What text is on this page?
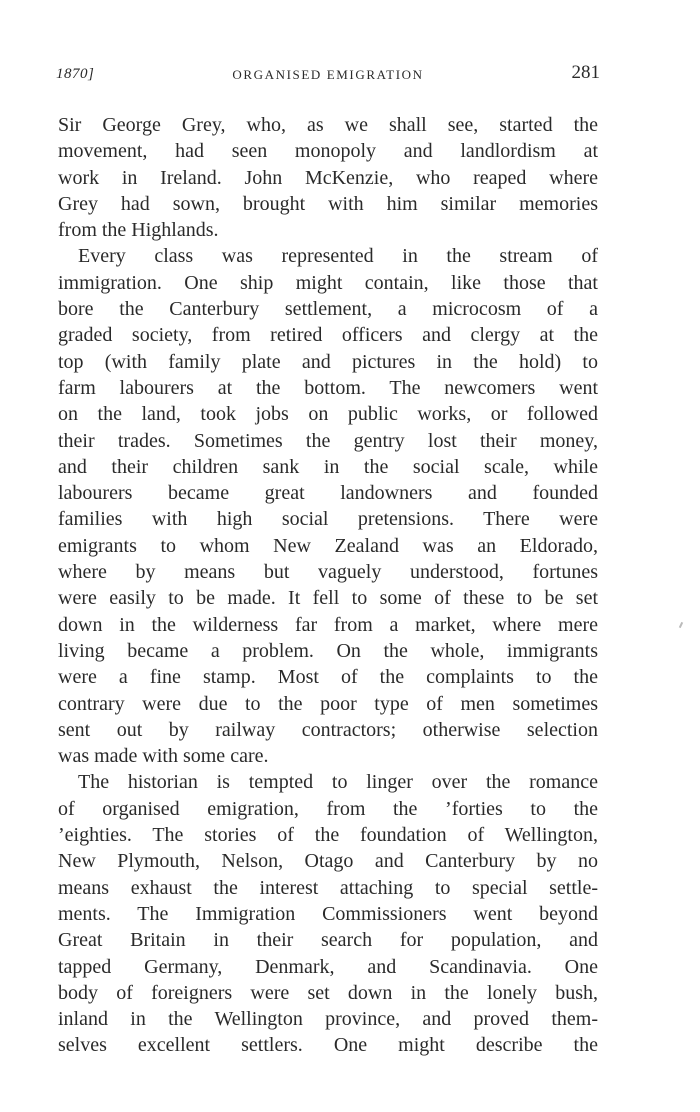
1870]	ORGANISED EMIGRATION	281
Sir George Grey, who, as we shall see, started the
movement, had seen monopoly and landlordism at
work in Ireland. John McKenzie, who reaped where
Grey had sown, brought with him similar memories
from the Highlands.
Every class was represented in the stream of
immigration. One ship might contain, like those that
bore the Canterbury settlement, a microcosm of a
graded society, from retired officers and clergy at the
top (with family plate and pictures in the hold) to
farm labourers at the bottom. The newcomers went
on the land, took jobs on public works, or followed
their trades. Sometimes the gentry lost their money,
and their children sank in the social scale, while
labourers became great landowners and founded
families with high social pretensions. There were
emigrants to whom New Zealand was an Eldorado,
where by means but vaguely understood, fortunes
were easily to be made. It fell to some of these to be set
down in the wilderness far from a market, where mere
living became a problem. On the whole, immigrants
were a fine stamp. Most of the complaints to the
contrary were due to the poor type of men sometimes
sent out by railway contractors; otherwise selection
was made with some care.
The historian is tempted to linger over the romance
of organised emigration, from the ’forties to the
’eighties. The stories of the foundation of Wellington,
New Plymouth, Nelson, Otago and Canterbury by no
means exhaust the interest attaching to special settle-
ments. The Immigration Commissioners went beyond
Great Britain in their search for population, and
tapped Germany, Denmark, and Scandinavia. One
body of foreigners were set down in the lonely bush,
inland in the Wellington province, and proved them-
selves excellent settlers. One might describe the
